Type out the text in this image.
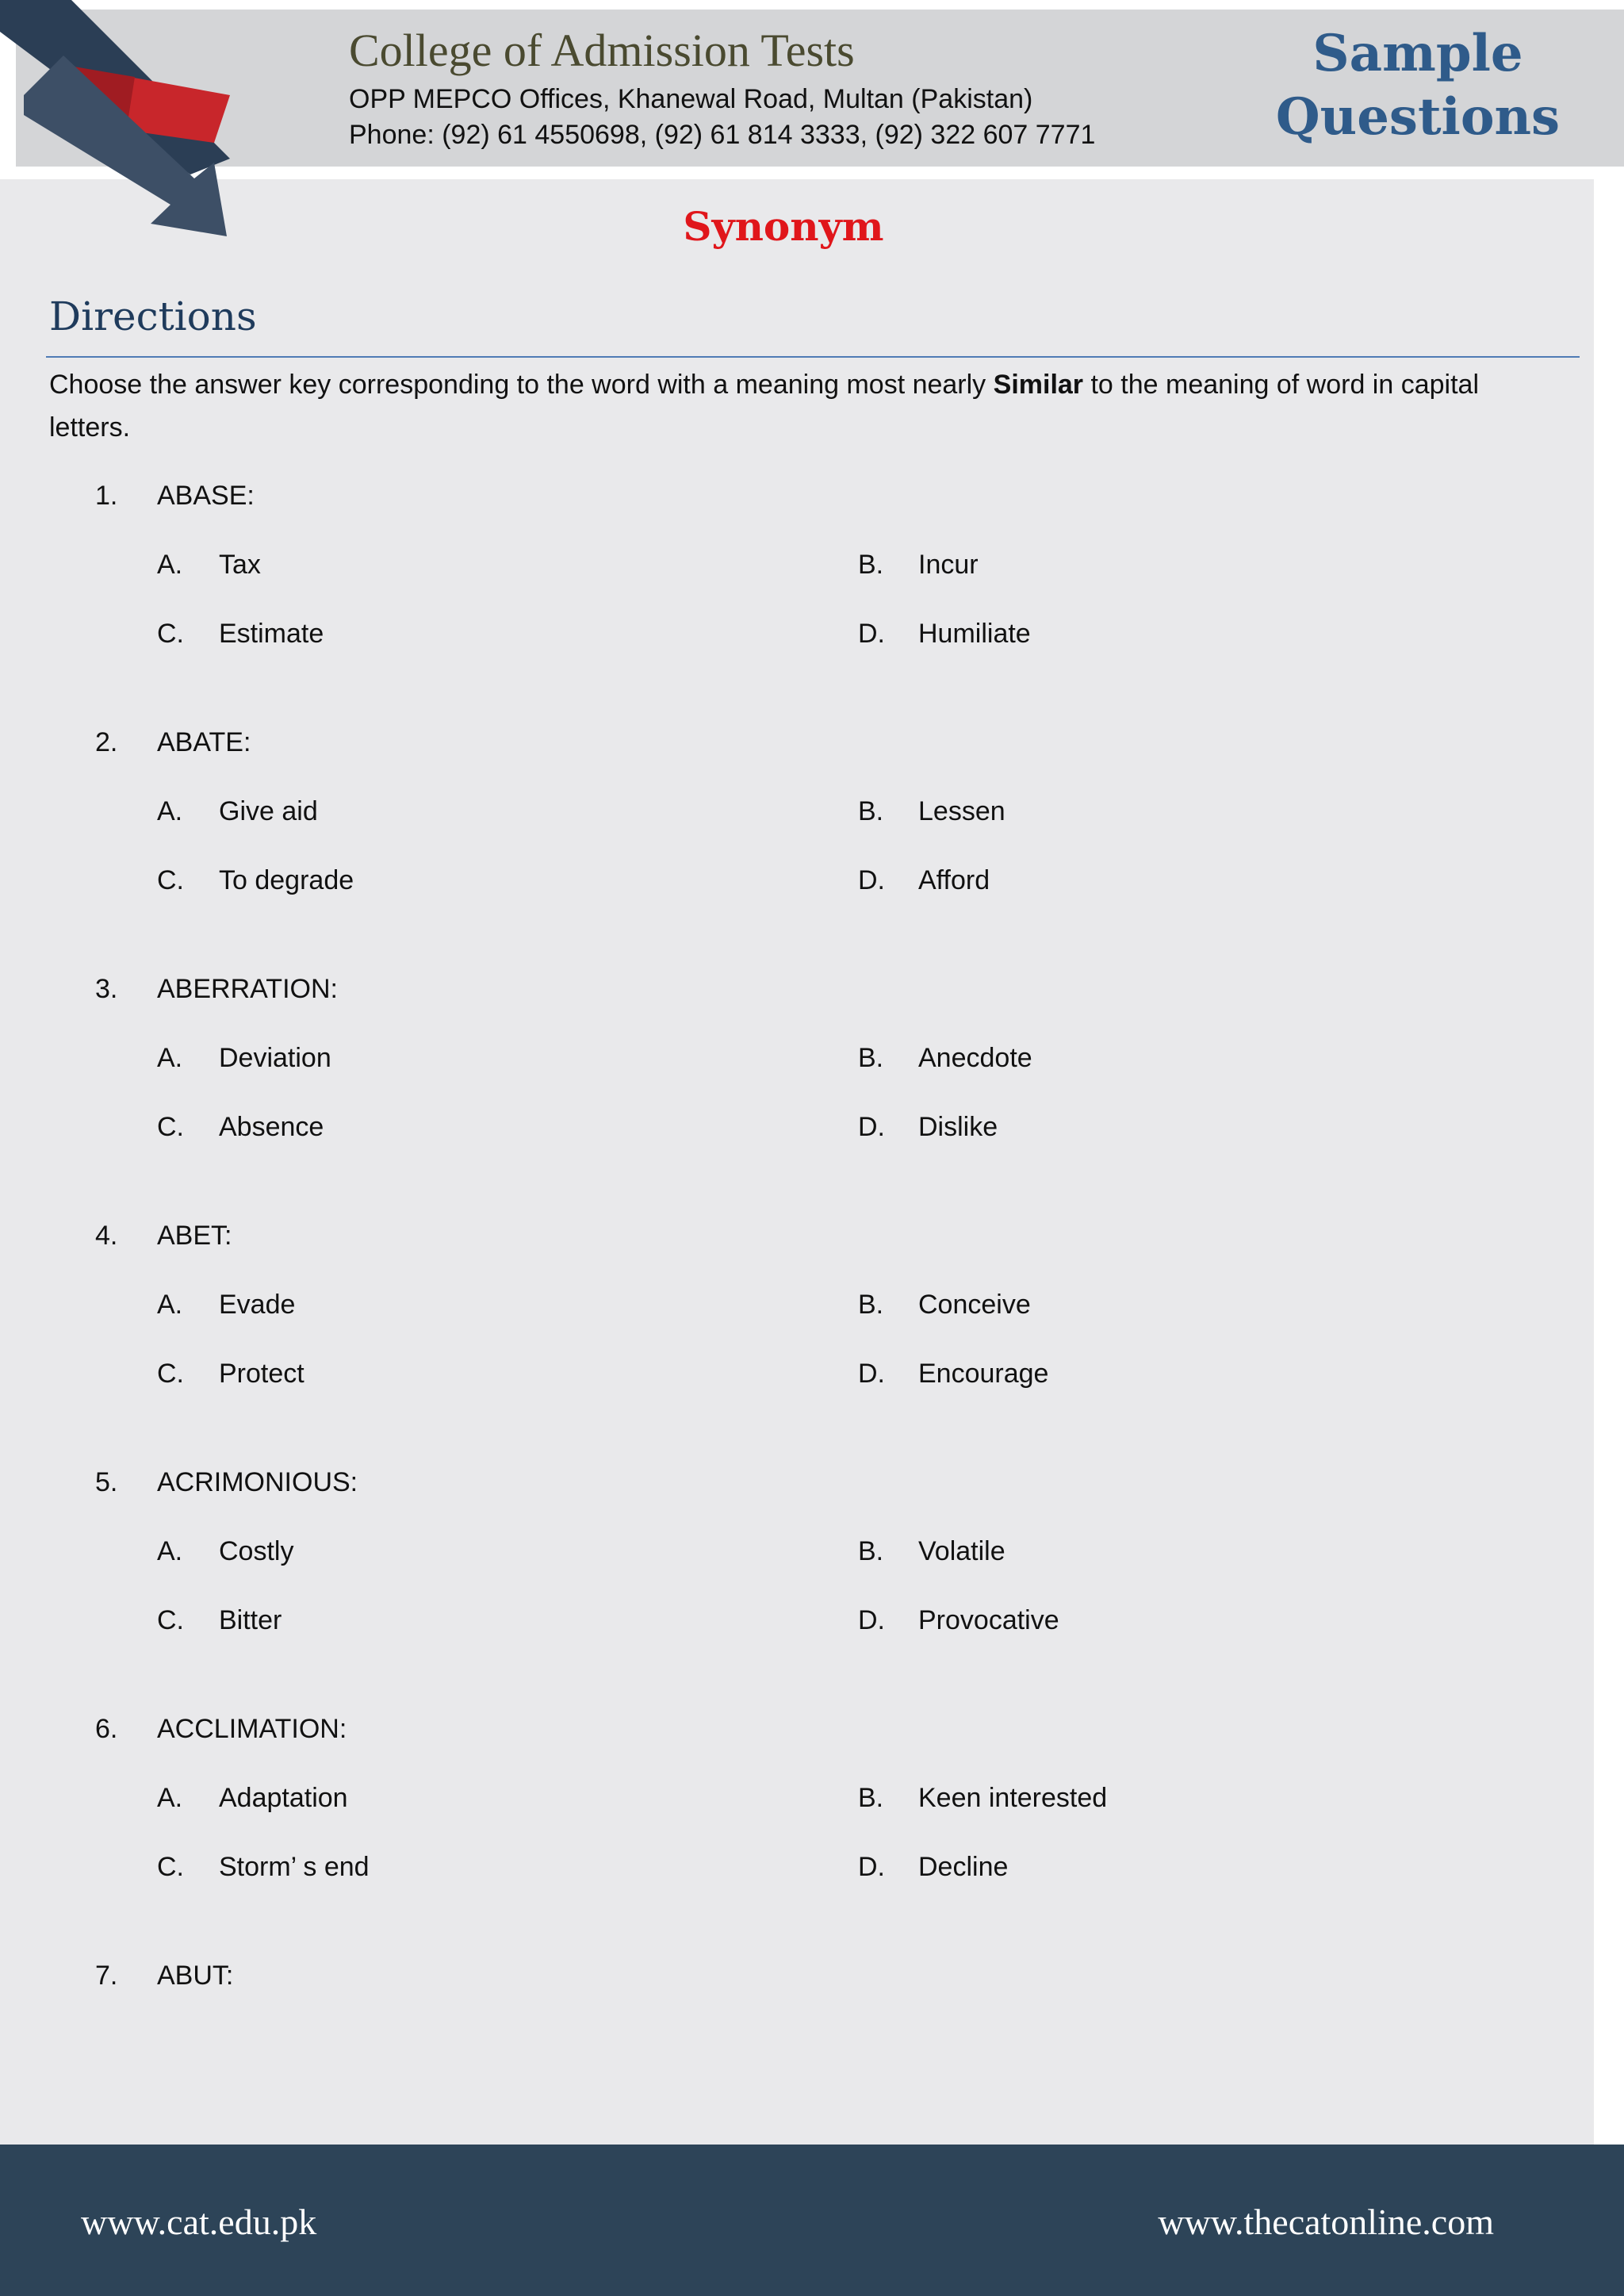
College of Admission Tests
OPP MEPCO Offices, Khanewal Road, Multan (Pakistan)
Phone: (92) 61 4550698, (92) 61 814 3333, (92) 322 607 7771
Sample
Questions
Synonym
Directions
Choose the answer key corresponding to the word with a meaning most nearly Similar to the meaning of word in capital letters.
1. ABASE:
A. Tax	B. Incur
C. Estimate	D. Humiliate
2. ABATE:
A. Give aid	B. Lessen
C. To degrade	D. Afford
3. ABERRATION:
A. Deviation	B. Anecdote
C. Absence	D. Dislike
4. ABET:
A. Evade	B. Conceive
C. Protect	D. Encourage
5. ACRIMONIOUS:
A. Costly	B. Volatile
C. Bitter	D. Provocative
6. ACCLIMATION:
A. Adaptation	B. Keen interested
C. Storm’ s end	D. Decline
7. ABUT:
www.cat.edu.pk	www.thecatonline.com
